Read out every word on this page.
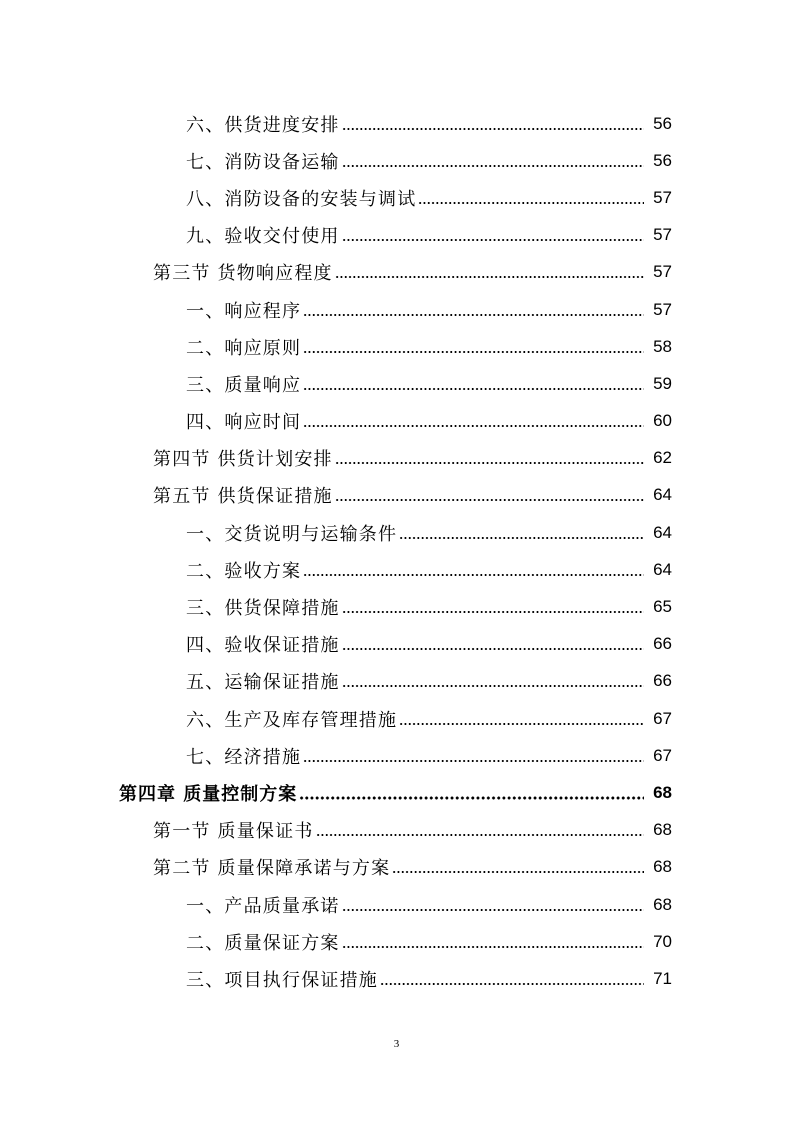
六、供货进度安排	56
七、消防设备运输	56
八、消防设备的安装与调试	57
九、验收交付使用	57
第三节 货物响应程度	57
一、响应程序	57
二、响应原则	58
三、质量响应	59
四、响应时间	60
第四节 供货计划安排	62
第五节 供货保证措施	64
一、交货说明与运输条件	64
二、验收方案	64
三、供货保障措施	65
四、验收保证措施	66
五、运输保证措施	66
六、生产及库存管理措施	67
七、经济措施	67
第四章 质量控制方案	68
第一节 质量保证书	68
第二节 质量保障承诺与方案	68
一、产品质量承诺	68
二、质量保证方案	70
三、项目执行保证措施	71
3
